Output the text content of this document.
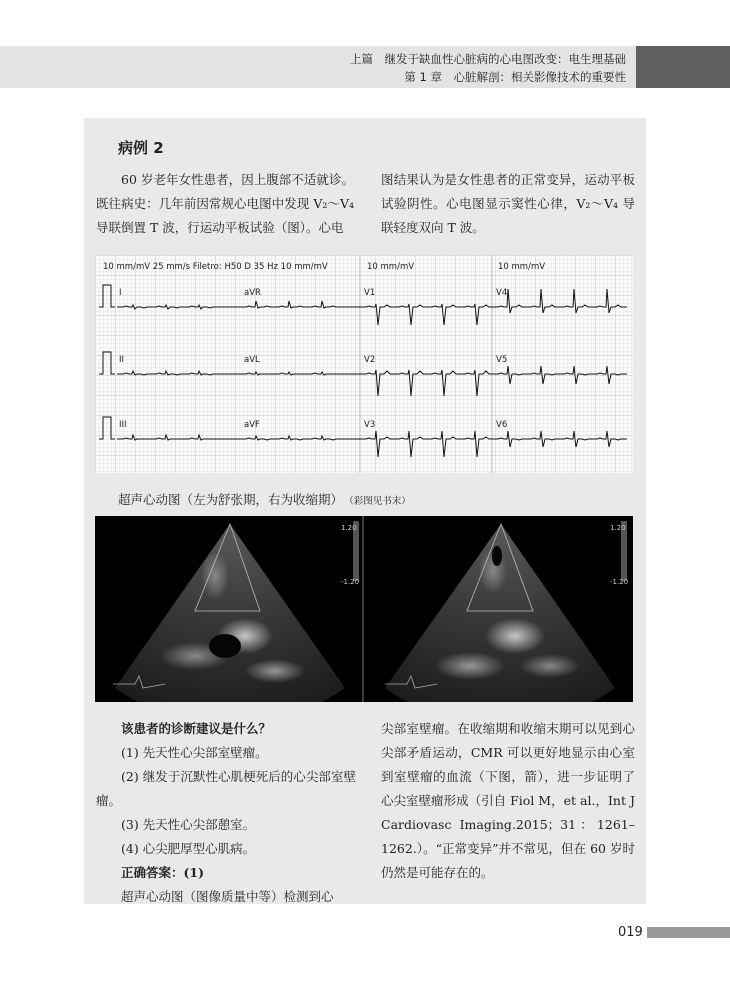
上篇　继发于缺血性心脏病的心电图改变：电生理基础
第 1 章　心脏解剖：相关影像技术的重要性
病例 2

60 岁老年女性患者，因上腹部不适就诊。既往病史：几年前因常规心电图中发现 V₂～V₄ 导联倒置 T 波，行运动平板试验（图）。心电

图结果认为是女性患者的正常变异，运动平板试验阴性。心电图显示窦性心律，V₂～V₄ 导联轻度双向 T 波。

10 mm/mV 25 mm/s Filetro: H50 D 35 Hz 10 mm/mV	10 mm/mV	10 mm/mV
I	aVR	V1	V4
II	aVL	V2	V5
III	aVF	V3	V6
超声心动图（左为舒张期，右为收缩期） （彩图见书末）
1.20
-1.20
1.20
-1.20

该患者的诊断建议是什么？

(1) 先天性心尖部室壁瘤。

(2) 继发于沉默性心肌梗死后的心尖部室壁瘤。

(3) 先天性心尖部憩室。

(4) 心尖肥厚型心肌病。

正确答案：(1)

超声心动图（图像质量中等）检测到心

尖部室壁瘤。在收缩期和收缩末期可以见到心尖部矛盾运动，CMR 可以更好地显示由心室到室壁瘤的血流（下图，箭），进一步证明了心尖室壁瘤形成（引自 Fiol M，et al.，Int J Cardiovasc Imaging.2015；31：1261–1262.）。“正常变异”并不常见，但在 60 岁时仍然是可能存在的。

019
